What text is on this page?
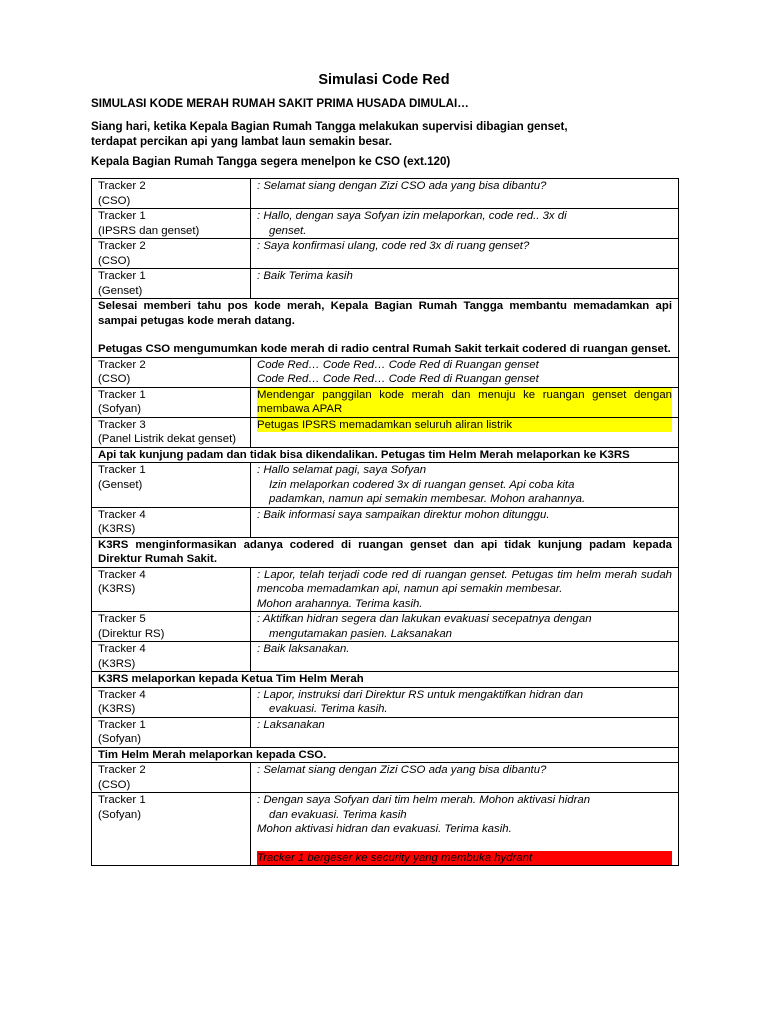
Simulasi Code Red
SIMULASI KODE MERAH RUMAH SAKIT PRIMA HUSADA DIMULAI…
Siang hari, ketika Kepala Bagian Rumah Tangga melakukan supervisi dibagian genset,
terdapat percikan api yang lambat laun semakin besar.
Kepala Bagian Rumah Tangga segera menelpon ke CSO (ext.120)
Tracker 2
(CSO)	: Selamat siang dengan Zizi CSO ada yang bisa dibantu?

Tracker 1
(IPSRS dan genset)	: Hallo, dengan saya Sofyan izin melaporkan, code red.. 3x di
genset.

Tracker 2
(CSO)	: Saya konfirmasi ulang, code red 3x di ruang genset?

Tracker 1
(Genset)	: Baik Terima kasih

Selesai memberi tahu pos kode merah, Kepala Bagian Rumah Tangga membantu memadamkan api sampai petugas kode merah datang.
Petugas CSO mengumumkan kode merah di radio central Rumah Sakit terkait codered di ruangan genset.	

Tracker 2
(CSO)	Code Red… Code Red… Code Red di Ruangan genset
Code Red… Code Red… Code Red di Ruangan genset

Tracker 1
(Sofyan)	Mendengar panggilan kode merah dan menuju ke ruangan genset dengan membawa APAR

Tracker 3
(Panel Listrik dekat genset)	Petugas IPSRS memadamkan seluruh aliran listrik

Api tak kunjung padam dan tidak bisa dikendalikan. Petugas tim Helm Merah melaporkan ke K3RS	

Tracker 1
(Genset)	: Hallo selamat pagi, saya Sofyan
Izin melaporkan codered 3x di ruangan genset. Api coba kita
padamkan, namun api semakin membesar. Mohon arahannya.

Tracker 4
(K3RS)	: Baik informasi saya sampaikan direktur mohon ditunggu.

K3RS menginformasikan adanya codered di ruangan genset dan api tidak kunjung padam kepada Direktur Rumah Sakit.	

Tracker 4
(K3RS)	: Lapor, telah terjadi code red di ruangan genset. Petugas tim helm merah sudah mencoba memadamkan api, namun api semakin membesar.
Mohon arahannya. Terima kasih.

Tracker 5
(Direktur RS)	: Aktifkan hidran segera dan lakukan evakuasi secepatnya dengan
mengutamakan pasien. Laksanakan

Tracker 4
(K3RS)	: Baik laksanakan.

K3RS melaporkan kepada Ketua Tim Helm Merah	

Tracker 4
(K3RS)	: Lapor, instruksi dari Direktur RS untuk mengaktifkan hidran dan
evakuasi. Terima kasih.

Tracker 1
(Sofyan)	: Laksanakan

Tim Helm Merah melaporkan kepada CSO.	

Tracker 2
(CSO)	: Selamat siang dengan Zizi CSO ada yang bisa dibantu?

Tracker 1
(Sofyan)	: Dengan saya Sofyan dari tim helm merah. Mohon aktivasi hidran
dan evakuasi. Terima kasih
Mohon aktivasi hidran dan evakuasi. Terima kasih.
Tracker 1 bergeser ke security yang membuka hydrant
